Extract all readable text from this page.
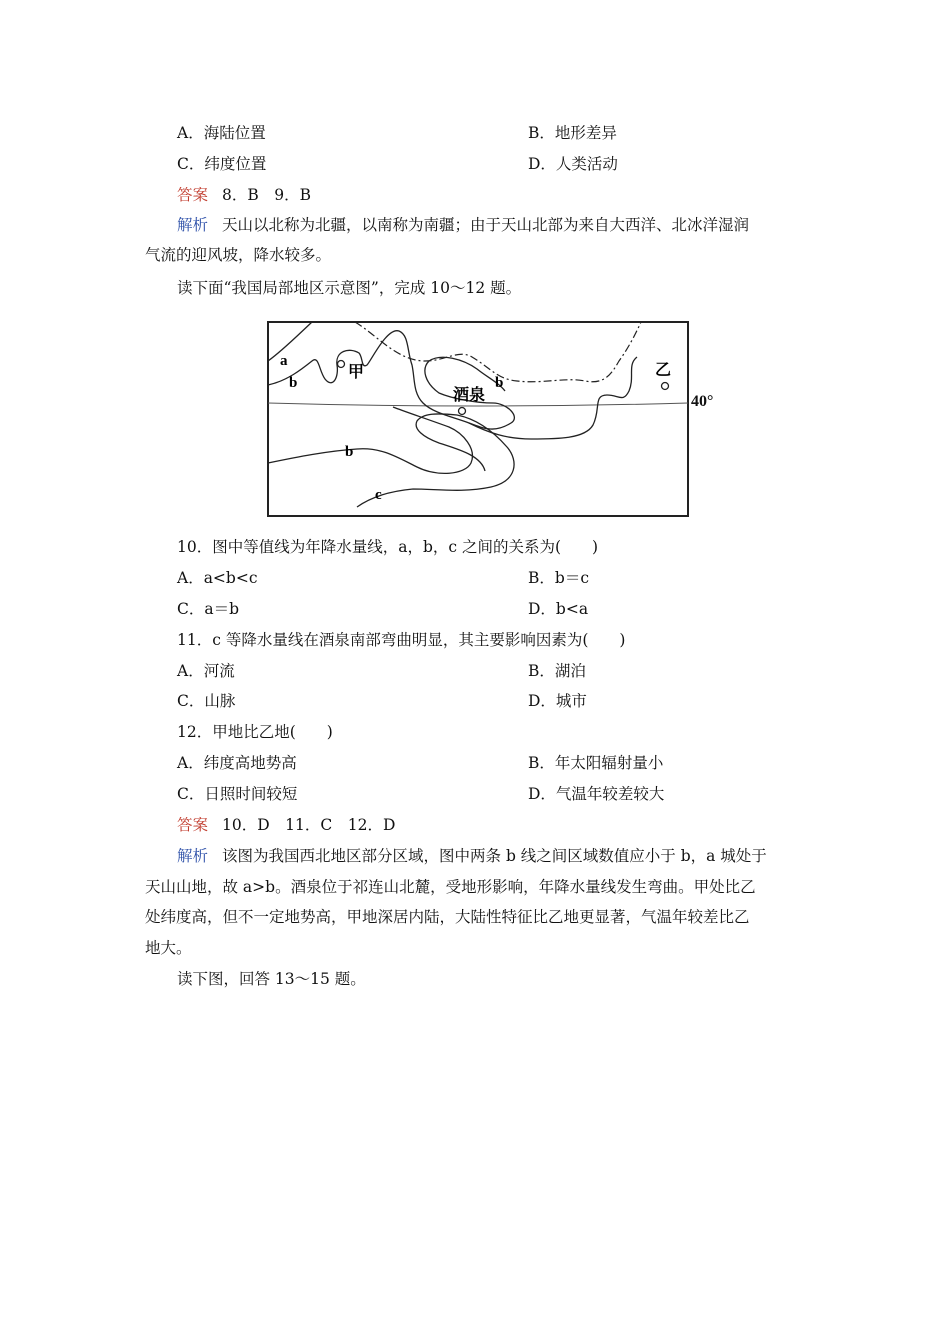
A．海陆位置	B．地形差异
C．纬度位置	D．人类活动
答案 8．B　9．B
解析 天山以北称为北疆，以南称为南疆；由于天山北部为来自大西洋、北冰洋湿润
气流的迎风坡，降水较多。
读下面“我国局部地区示意图”，完成 10～12 题。
a
b
甲
酒泉
b
乙
b
c
40°
10．图中等值线为年降水量线，a，b，c 之间的关系为(　　)
A．a<b<c	B．b＝c
C．a＝b	D．b<a
11．c 等降水量线在酒泉南部弯曲明显，其主要影响因素为(　　)
A．河流	B．湖泊
C．山脉	D．城市
12．甲地比乙地(　　)
A．纬度高地势高	B．年太阳辐射量小
C．日照时间较短	D．气温年较差较大
答案 10．D　11．C　12．D
解析 该图为我国西北地区部分区域，图中两条 b 线之间区域数值应小于 b，a 城处于
天山山地，故 a>b。酒泉位于祁连山北麓，受地形影响，年降水量线发生弯曲。甲处比乙
处纬度高，但不一定地势高，甲地深居内陆，大陆性特征比乙地更显著，气温年较差比乙
地大。
读下图，回答 13～15 题。
